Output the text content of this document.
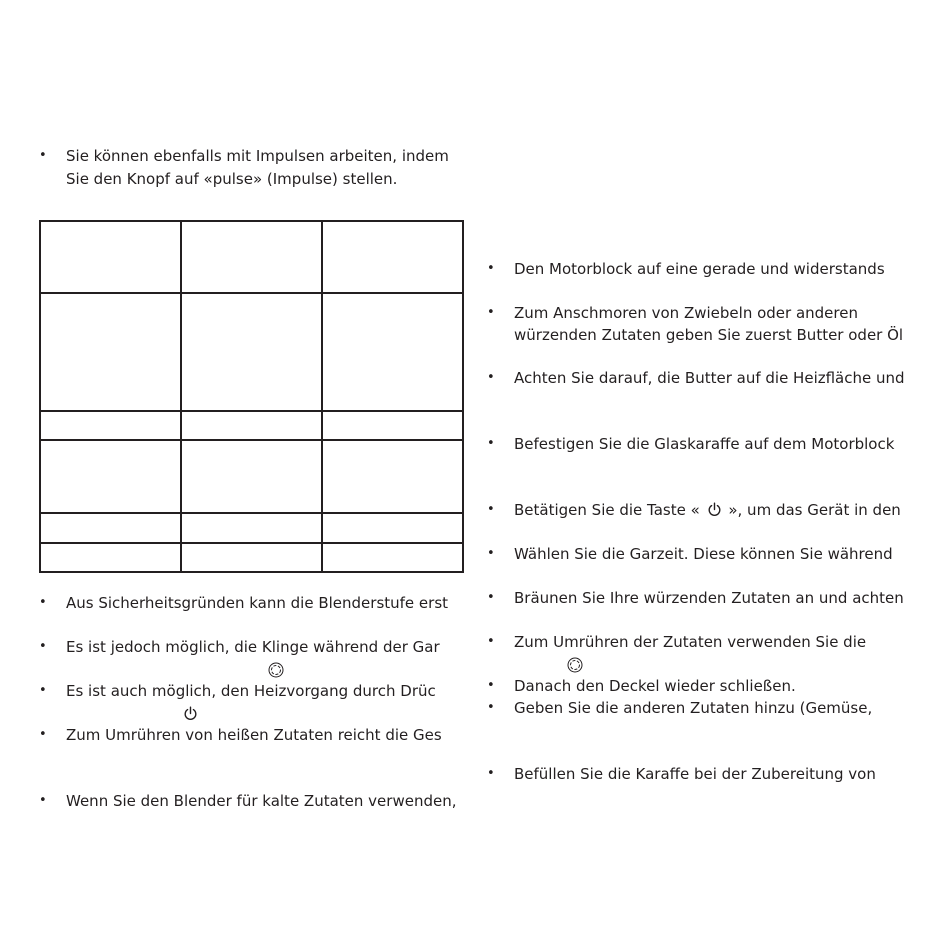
• Sie können ebenfalls mit Impulsen arbeiten, indem
Sie den Knopf auf «pulse» (Impulse) stellen.

• Aus Sicherheitsgründen kann die Blenderstufe erst
• Es ist jedoch möglich, die Klinge während der Gar
• Es ist auch möglich, den Heizvorgang durch Drüc
• Zum Umrühren von heißen Zutaten reicht die Ges
• Wenn Sie den Blender für kalte Zutaten verwenden,
• Den Motorblock auf eine gerade und widerstands
• Zum Anschmoren von Zwiebeln oder anderen
würzenden Zutaten geben Sie zuerst Butter oder Öl
• Achten Sie darauf, die Butter auf die Heizfläche und
• Befestigen Sie die Glaskaraffe auf dem Motorblock
• Betätigen Sie die Taste « », um das Gerät in den
• Wählen Sie die Garzeit. Diese können Sie während
• Bräunen Sie Ihre würzenden Zutaten an und achten
• Zum Umrühren der Zutaten verwenden Sie die
• Danach den Deckel wieder schließen.
• Geben Sie die anderen Zutaten hinzu (Gemüse,
• Befüllen Sie die Karaffe bei der Zubereitung von
